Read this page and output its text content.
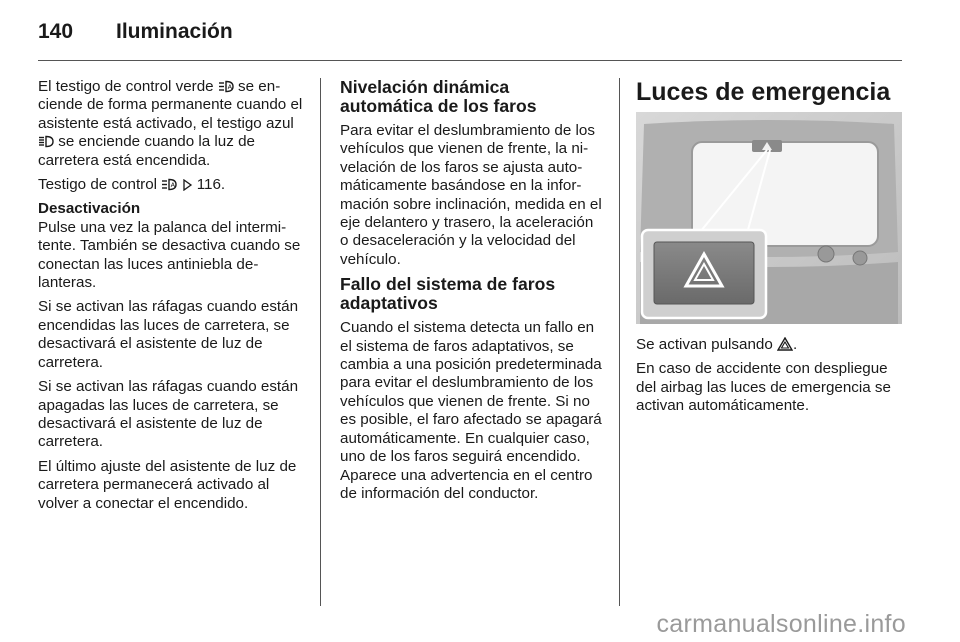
140 Iluminación

El testigo de control verde A se enciende de forma permanente cuando el asistente está activado, el testigo azul  se enciende cuando la luz de carretera está encendida.

Testigo de control A 116.

Desactivación

Pulse una vez la palanca del intermitente. También se desactiva cuando se conectan las luces antiniebla delanteras.

Si se activan las ráfagas cuando están encendidas las luces de carretera, se desactivará el asistente de luz de carretera.

Si se activan las ráfagas cuando están apagadas las luces de carretera, se desactivará el asistente de luz de carretera.

El último ajuste del asistente de luz de carretera permanecerá activado al volver a conectar el encendido.

Nivelación dinámica automática de los faros

Para evitar el deslumbramiento de los vehículos que vienen de frente, la nivelación de los faros se ajusta automáticamente basándose en la información sobre inclinación, medida en el eje delantero y trasero, la aceleración o desaceleración y la velocidad del vehículo.

Fallo del sistema de faros adaptativos

Cuando el sistema detecta un fallo en el sistema de faros adaptativos, se cambia a una posición predeterminada para evitar el deslumbramiento de los vehículos que vienen de frente. Si no es posible, el faro afectado se apagará automáticamente. En cualquier caso, uno de los faros seguirá encendido. Aparece una advertencia en el centro de información del conductor.

Luces de emergencia

Se activan pulsando .

En caso de accidente con despliegue del airbag las luces de emergencia se activan automáticamente.

carmanualsonline.info
